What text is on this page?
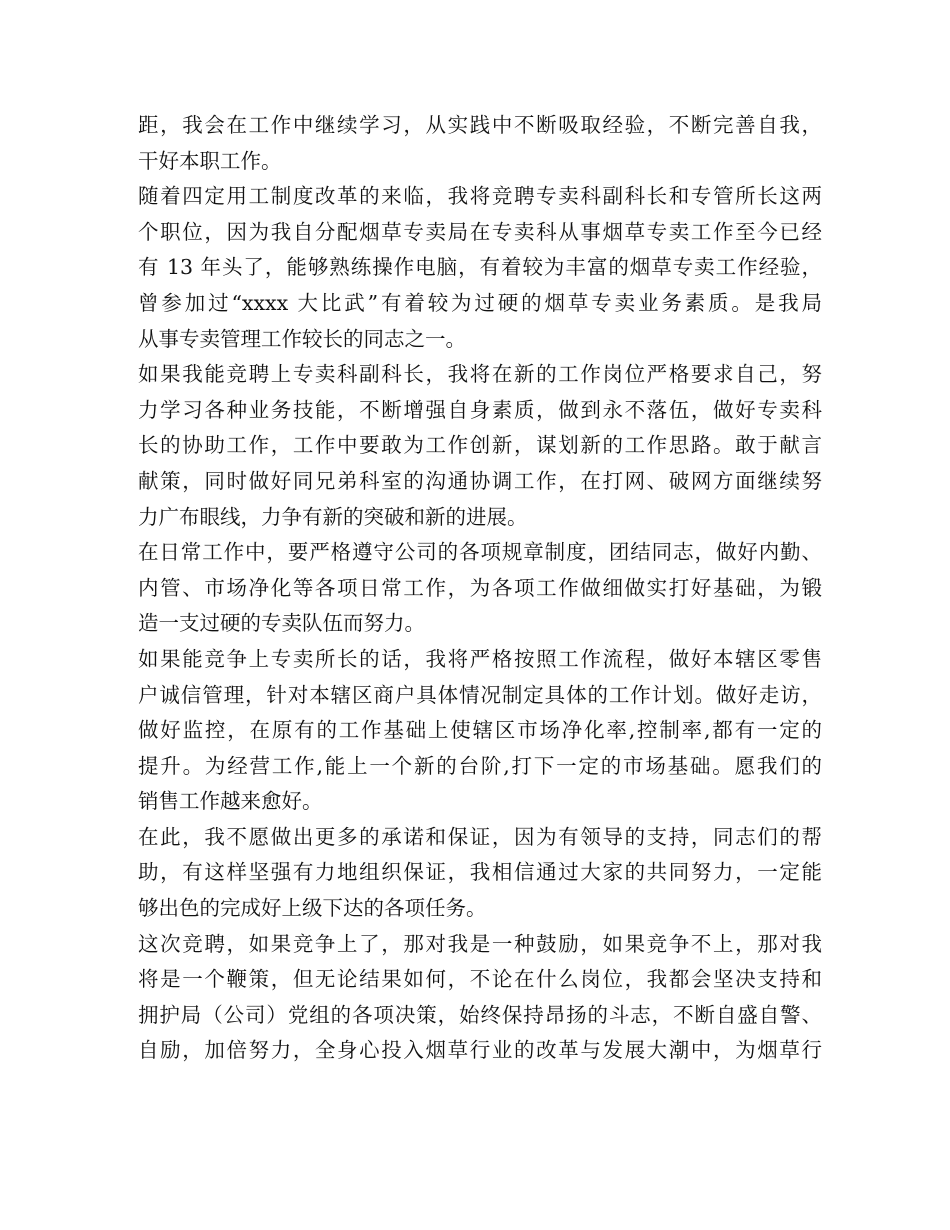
距，我会在工作中继续学习，从实践中不断吸取经验，不断完善自我，
干好本职工作。
随着四定用工制度改革的来临，我将竞聘专卖科副科长和专管所长这两
个职位，因为我自分配烟草专卖局在专卖科从事烟草专卖工作至今已经
有 13 年头了，能够熟练操作电脑，有着较为丰富的烟草专卖工作经验，
曾参加过“xxxx 大比武”有着较为过硬的烟草专卖业务素质。是我局
从事专卖管理工作较长的同志之一。
如果我能竞聘上专卖科副科长，我将在新的工作岗位严格要求自己，努
力学习各种业务技能，不断增强自身素质，做到永不落伍，做好专卖科
长的协助工作，工作中要敢为工作创新，谋划新的工作思路。敢于献言
献策，同时做好同兄弟科室的沟通协调工作，在打网、破网方面继续努
力广布眼线，力争有新的突破和新的进展。
在日常工作中，要严格遵守公司的各项规章制度，团结同志，做好内勤、
内管、市场净化等各项日常工作，为各项工作做细做实打好基础，为锻
造一支过硬的专卖队伍而努力。
如果能竞争上专卖所长的话，我将严格按照工作流程，做好本辖区零售
户诚信管理，针对本辖区商户具体情况制定具体的工作计划。做好走访，
做好监控，在原有的工作基础上使辖区市场净化率,控制率,都有一定的
提升。为经营工作,能上一个新的台阶,打下一定的市场基础。愿我们的
销售工作越来愈好。
在此，我不愿做出更多的承诺和保证，因为有领导的支持，同志们的帮
助，有这样坚强有力地组织保证，我相信通过大家的共同努力，一定能
够出色的完成好上级下达的各项任务。
这次竞聘，如果竞争上了，那对我是一种鼓励，如果竞争不上，那对我
将是一个鞭策，但无论结果如何，不论在什么岗位，我都会坚决支持和
拥护局（公司）党组的各项决策，始终保持昂扬的斗志，不断自盛自警、
自励，加倍努力，全身心投入烟草行业的改革与发展大潮中，为烟草行
